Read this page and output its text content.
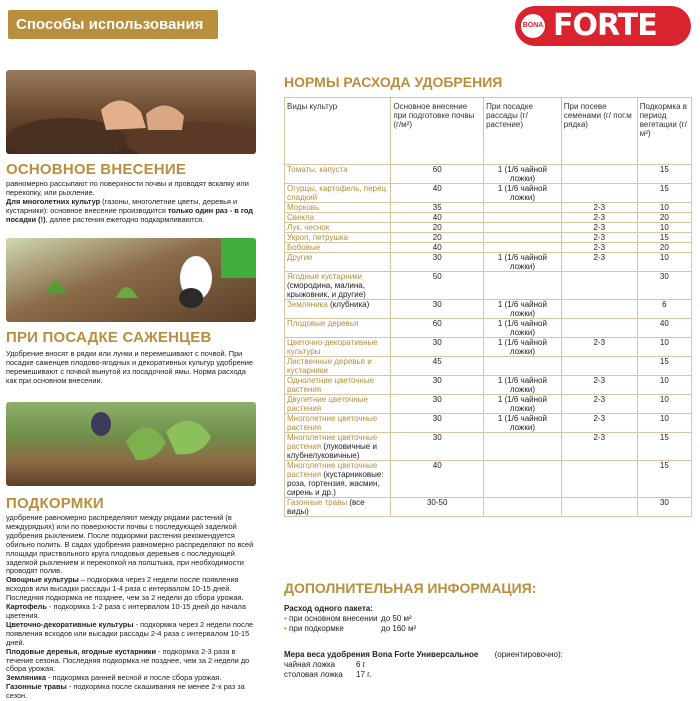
Способы использования	BONA FORTE
ОСНОВНОЕ ВНЕСЕНИЕ
равномерно рассыпают по поверхности почвы и проводят вскапку или перекопку, или рыхление.
Для многолетних культур (газоны, многолетние цветы, деревья и кустарники): основное внесение производится только один раз - в год посадки (!), далее растения ежегодно подкармливаются.
ПРИ ПОСАДКЕ САЖЕНЦЕВ
Удобрение вносят в рядки или лунки и перемешивают с почвой. При посадке саженцев плодово-ягодных и декоративных культур удобрение перемешивают с почвой вынутой из посадочной ямы. Норма расхода как при основном внесении.
ПОДКОРМКИ
удобрение равномерно распределяют между рядами растений (в междурядьях) или по поверхности почвы с последующей заделкой удобрения рыхлением. После подкормки растения рекомендуется обильно полить. В садах удобрения равномерно распределяют по всей площади приствольного круга плодовых деревьев с последующей заделкой рыхлением и перекопкой на полштыка, при необходимости проводят полив.
Овощные культуры – подкормка через 2 недели после появления всходов или высадки рассады 1-4 раза с интервалом 10-15 дней. Последняя подкормка не позднее, чем за 2 недели до сбора урожая.
Картофель - подкормка 1-2 раза с интервалом 10-15 дней до начала цветения.
Цветочно-декоративные культуры - подкормка через 2 недели после появления всходов или высадки рассады 2-4 раза с интервалом 10-15 дней.
Плодовые деревья, ягодные кустарники - подкормка 2-3 раза в течение сезона. Последняя подкормка не позднее, чем за 2 недели до сбора урожая.
Земляника - подкормка ранней весной и после сбора урожая.
Газонные травы - подкормка после скашивания не менее 2-х раз за сезон.
НОРМЫ РАСХОДА УДОБРЕНИЯ
Виды культур	Основное внесение при подготовке почвы (г/м²)	При посадке рассады (г/растение)	При посеве семенами (г/ пог.м рядка)	Подкормка в период вегетации (г/м²)
Томаты, капуста	60	1 (1/6 чайной ложки)		15
Огурцы, картофель, перец сладкий	40	1 (1/6 чайной ложки)		15
Морковь	35		2-3	10
Свекла	40		2-3	20
Лук, чеснок	20		2-3	10
Укроп, петрушка	20		2-3	15
Бобовые	40		2-3	20
Другие	30	1 (1/6 чайной ложки)	2-3	10
Ягодные кустарники (смородина, малина, крыжовник, и другие)	50			30
Земляника (клубника)	30	1 (1/6 чайной ложки)		6
Плодовые деревья	60	1 (1/6 чайной ложки)		40
Цветочно-декоративные культуры	30	1 (1/6 чайной ложки)	2-3	10
Лиственные деревья и кустарники	45			15
Однолетние цветочные растения	30	1 (1/6 чайной ложки)	2-3	10
Двулетние цветочные растения	30	1 (1/6 чайной ложки)	2-3	10
Многолетние цветочные растения	30	1 (1/6 чайной ложки)	2-3	10
Многолетние цветочные растения (луковичные и клубнелуковичные)	30		2-3	15
Многолетние цветочные растения (кустарниковые: роза, гортензия, жасмин, сирень и др.)	40			15
Газонные травы (все виды)	30-50			30
ДОПОЛНИТЕЛЬНАЯ ИНФОРМАЦИЯ:
Расход одного пакета:
• при основном внесении до 50 м²
• при подкормке	до 160 м²
Мера веса удобрения Bona Forte Универсальное (ориентировочно):
чайная ложка	6 г
столовая ложка 17 г.
